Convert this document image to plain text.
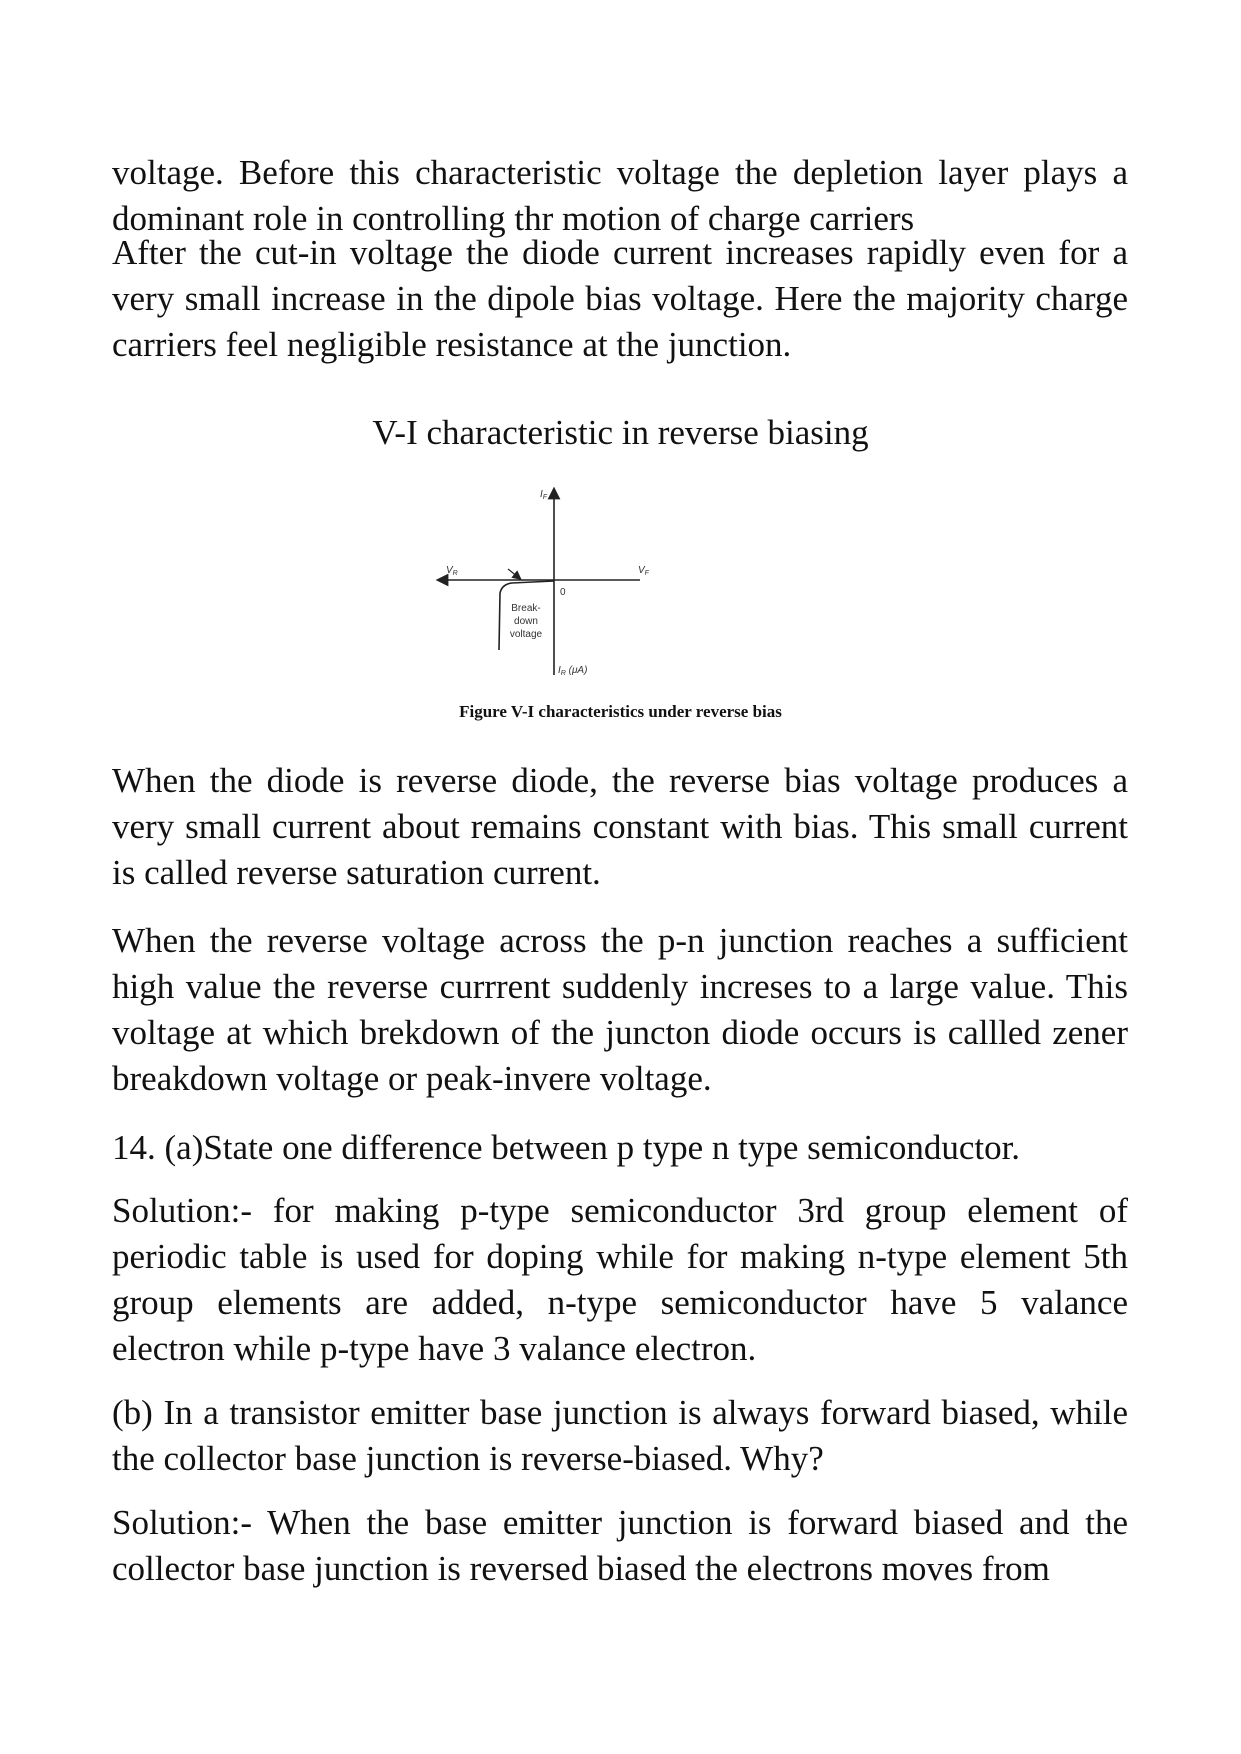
voltage. Before this characteristic voltage the depletion layer plays a dominant role in controlling thr motion of charge carriers

After the cut-in voltage the diode current increases rapidly even for a very small increase in the dipole bias voltage. Here the majority charge carriers feel negligible resistance at the junction.

V-I characteristic in reverse biasing

$I_F$
$V_R$	$V_F$
0
Break-
down
voltage
$I_R$ (μA)

Figure V-I characteristics under reverse bias

When the diode is reverse diode, the reverse bias voltage produces a very small current about remains constant with bias. This small current is called reverse saturation current.

When the reverse voltage across the p-n junction reaches a sufficient high value the reverse currrent suddenly increses to a large value. This voltage at which brekdown of the juncton diode occurs is callled zener breakdown voltage or peak-invere voltage.

14. (a)State one difference between p type n type semiconductor.

Solution:- for making p-type semiconductor 3rd group element of periodic table is used for doping while for making n-type element 5th group elements are added, n-type semiconductor have 5 valance electron while p-type have 3 valance electron.

(b) In a transistor emitter base junction is always forward biased, while the collector base junction is reverse-biased. Why?

Solution:- When the base emitter junction is forward biased and the collector base junction is reversed biased the electrons moves from
